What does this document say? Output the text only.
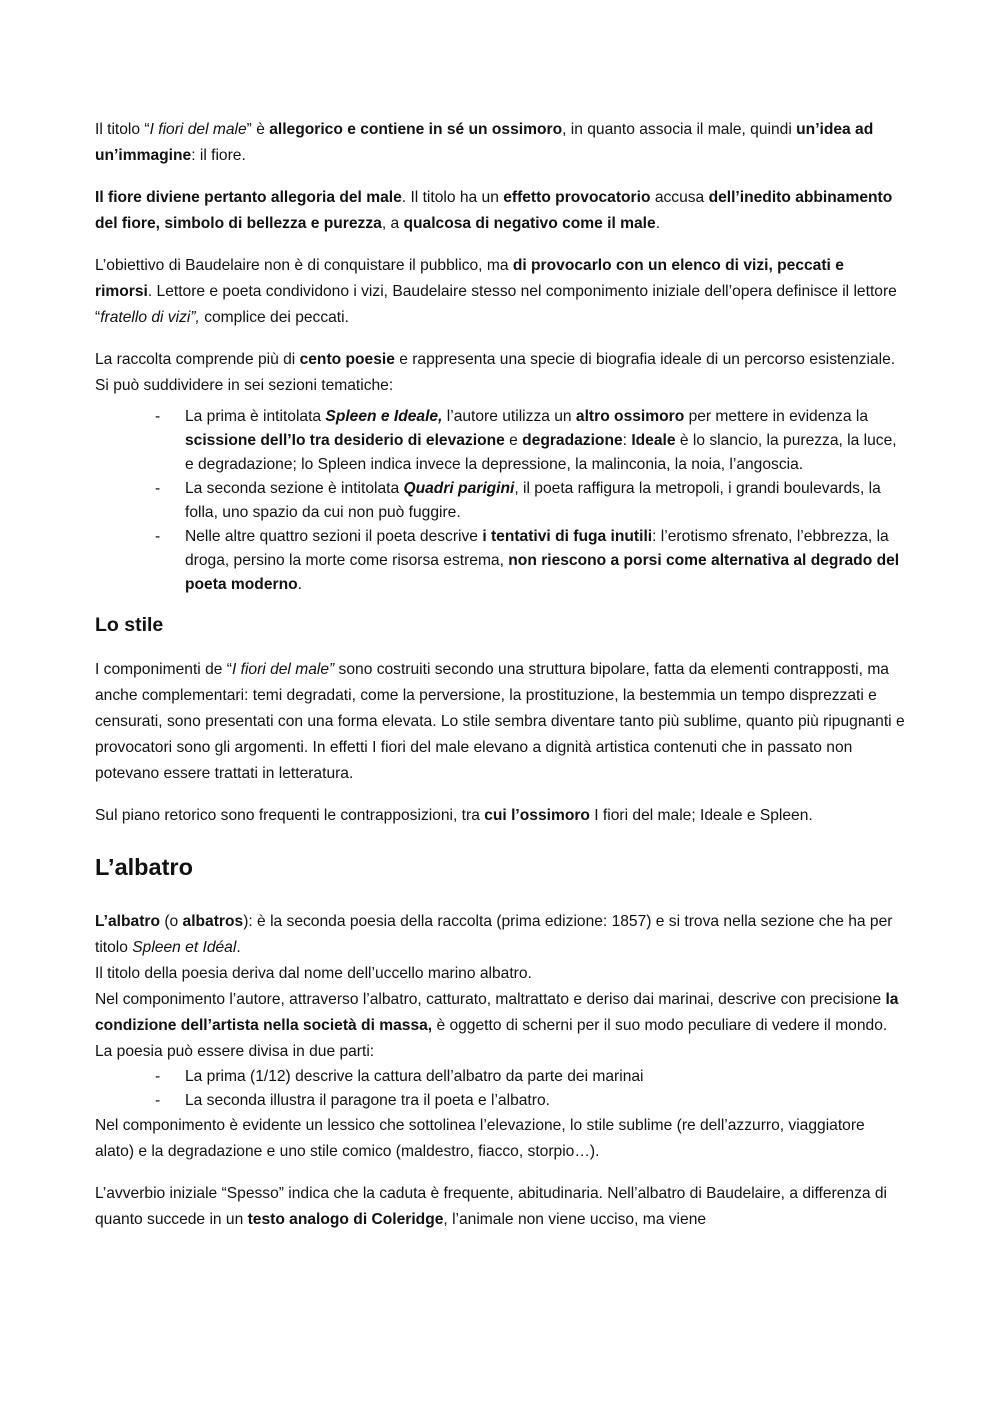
Il titolo “I fiori del male” è allegorico e contiene in sé un ossimoro, in quanto associa il male, quindi un’idea ad un’immagine: il fiore.

Il fiore diviene pertanto allegoria del male. Il titolo ha un effetto provocatorio accusa dell’inedito abbinamento del fiore, simbolo di bellezza e purezza, a qualcosa di negativo come il male.

L’obiettivo di Baudelaire non è di conquistare il pubblico, ma di provocarlo con un elenco di vizi, peccati e rimorsi. Lettore e poeta condividono i vizi, Baudelaire stesso nel componimento iniziale dell’opera definisce il lettore “fratello di vizi”, complice dei peccati.

La raccolta comprende più di cento poesie e rappresenta una specie di biografia ideale di un percorso esistenziale. Si può suddividere in sei sezioni tematiche:

- La prima è intitolata Spleen e Ideale, l’autore utilizza un altro ossimoro per mettere in evidenza la scissione dell’Io tra desiderio di elevazione e degradazione: Ideale è lo slancio, la purezza, la luce, e degradazione; lo Spleen indica invece la depressione, la malinconia, la noia, l’angoscia.
- La seconda sezione è intitolata Quadri parigini, il poeta raffigura la metropoli, i grandi boulevards, la folla, uno spazio da cui non può fuggire.
- Nelle altre quattro sezioni il poeta descrive i tentativi di fuga inutili: l’erotismo sfrenato, l’ebbrezza, la droga, persino la morte come risorsa estrema, non riescono a porsi come alternativa al degrado del poeta moderno.
Lo stile

I componimenti de “I fiori del male” sono costruiti secondo una struttura bipolare, fatta da elementi contrapposti, ma anche complementari: temi degradati, come la perversione, la prostituzione, la bestemmia un tempo disprezzati e censurati, sono presentati con una forma elevata. Lo stile sembra diventare tanto più sublime, quanto più ripugnanti e provocatori sono gli argomenti. In effetti I fiori del male elevano a dignità artistica contenuti che in passato non potevano essere trattati in letteratura.

Sul piano retorico sono frequenti le contrapposizioni, tra cui l’ossimoro I fiori del male; Ideale e Spleen.

L’albatro

L’albatro (o albatros): è la seconda poesia della raccolta (prima edizione: 1857) e si trova nella sezione che ha per titolo Spleen et Idéal.

Il titolo della poesia deriva dal nome dell’uccello marino albatro.

Nel componimento l’autore, attraverso l’albatro, catturato, maltrattato e deriso dai marinai, descrive con precisione la condizione dell’artista nella società di massa, è oggetto di scherni per il suo modo peculiare di vedere il mondo.

La poesia può essere divisa in due parti:

- La prima (1/12) descrive la cattura dell’albatro da parte dei marinai
- La seconda illustra il paragone tra il poeta e l’albatro.

Nel componimento è evidente un lessico che sottolinea l’elevazione, lo stile sublime (re dell’azzurro, viaggiatore alato) e la degradazione e uno stile comico (maldestro, fiacco, storpio…).

L’avverbio iniziale “Spesso” indica che la caduta è frequente, abitudinaria. Nell’albatro di Baudelaire, a differenza di quanto succede in un testo analogo di Coleridge, l’animale non viene ucciso, ma viene
